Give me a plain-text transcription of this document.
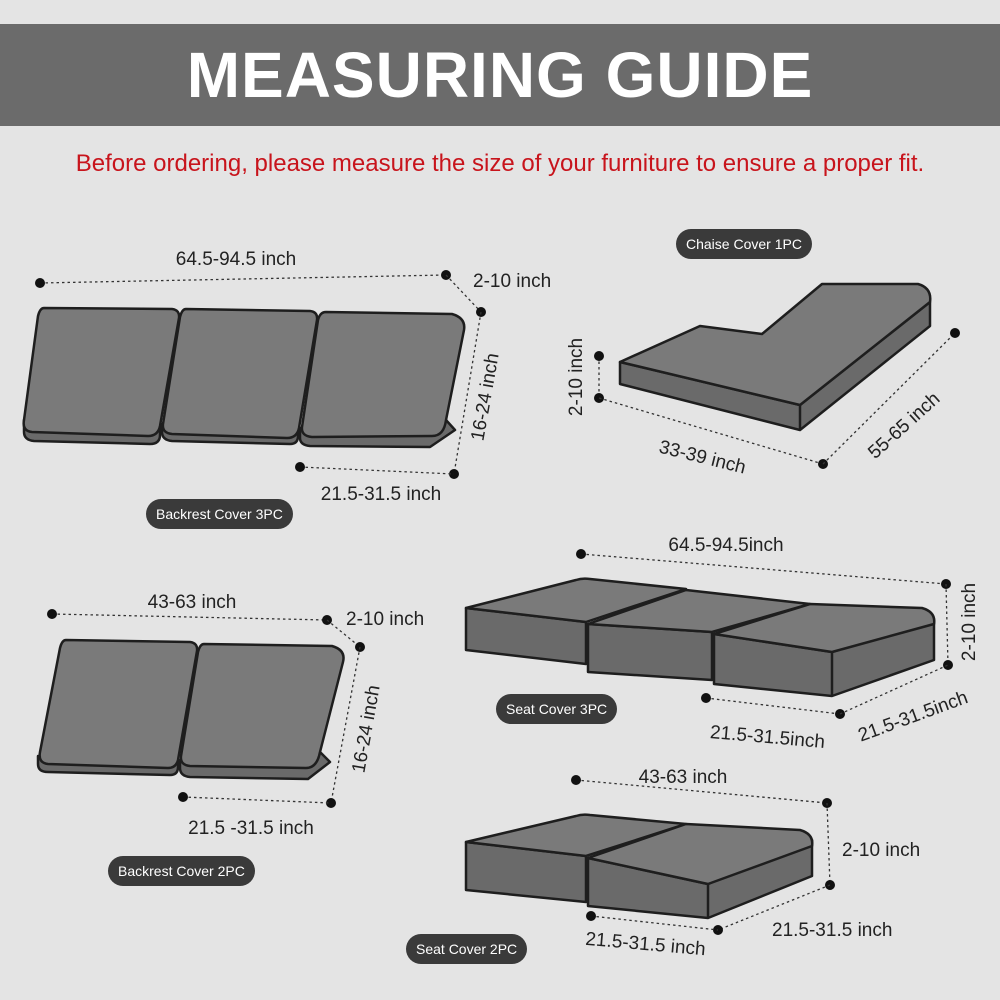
MEASURING GUIDE
Before ordering, please measure the size of your furniture to ensure a proper fit.
64.5-94.5 inch
2-10 inch
16-24 inch
21.5-31.5 inch
2-10 inch
33-39 inch	55-65 inch
43-63 inch
2-10 inch
16-24 inch
21.5 -31.5 inch
64.5-94.5inch
2-10 inch
21.5-31.5inch 21.5-31.5inch
43-63 inch
2-10 inch
21.5-31.5 inch
21.5-31.5 inch
Backrest Cover 3PC
Chaise Cover 1PC
Backrest Cover 2PC
Seat Cover 3PC
Seat Cover 2PC
